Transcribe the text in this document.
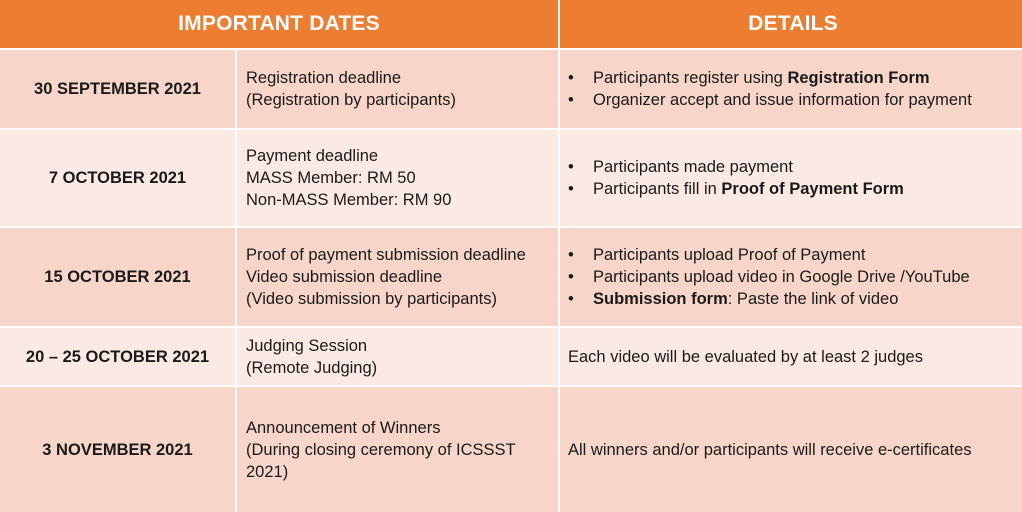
IMPORTANT DATES	DETAILS
30 SEPTEMBER 2021
Registration deadline
(Registration by participants)
• Participants register using Registration Form
• Organizer accept and issue information for payment
7 OCTOBER 2021
Payment deadline
MASS Member: RM 50
Non-MASS Member: RM 90
• Participants made payment
• Participants fill in Proof of Payment Form
15 OCTOBER 2021
Proof of payment submission deadline
Video submission deadline
(Video submission by participants)
• Participants upload Proof of Payment
• Participants upload video in Google Drive /YouTube
• Submission form: Paste the link of video
20 – 25 OCTOBER 2021
Judging Session
(Remote Judging)
Each video will be evaluated by at least 2 judges
3 NOVEMBER 2021
Announcement of Winners
(During closing ceremony of ICSSST
2021)
All winners and/or participants will receive e-certificates
